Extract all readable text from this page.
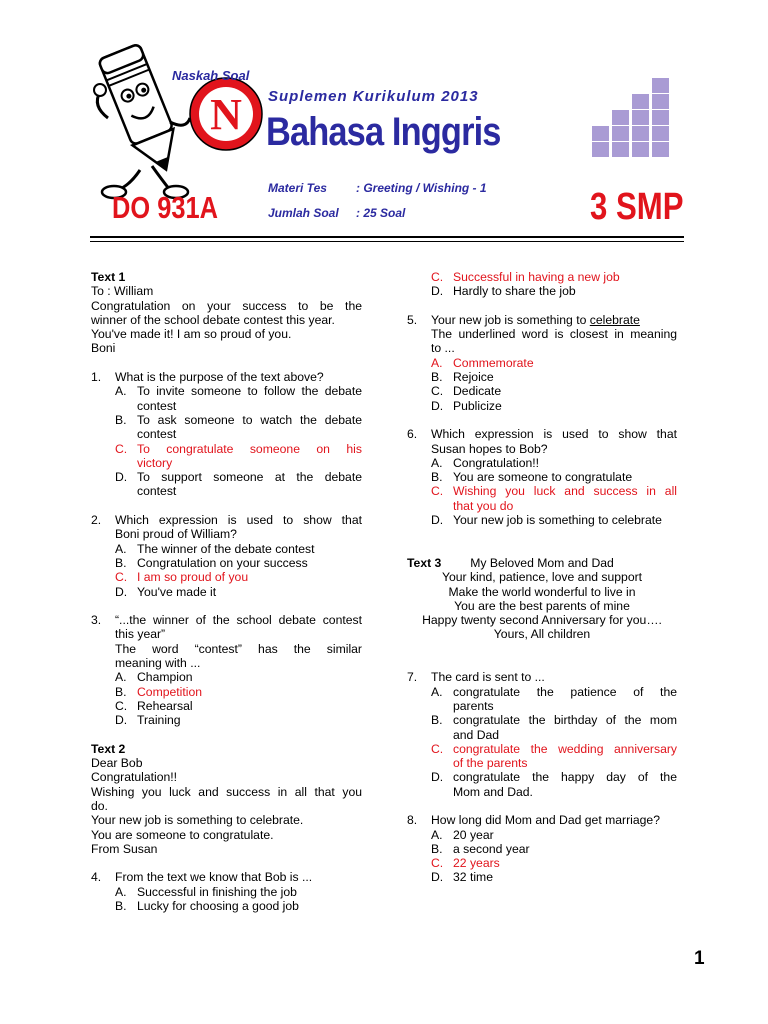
N
Naskah Soal
Suplemen Kurikulum 2013
Bahasa Inggris
DO 931A
Materi Tes : Greeting / Wishing - 1
Jumlah Soal : 25 Soal	3 SMP
Text 1
To : William
Congratulation on your success to be the
winner of the school debate contest this year.
You've made it! I am so proud of you.
Boni
1.	What is the purpose of the text above?
A. To invite someone to follow the debate
contest
B. To ask someone to watch the debate
contest
C. To congratulate someone on his
victory
D. To support someone at the debate
contest
2.	Which expression is used to show that
Boni proud of William?
A. The winner of the debate contest
B. Congratulation on your success
C. I am so proud of you
D. You've made it
3.	“...the winner of the school debate contest
this year”
The word “contest” has the similar
meaning with ...
A. Champion
B. Competition
C. Rehearsal
D. Training
Text 2
Dear Bob
Congratulation!!
Wishing you luck and success in all that you
do.
Your new job is something to celebrate.
You are someone to congratulate.
From Susan
4.	From the text we know that Bob is ...
A. Successful in finishing the job
B. Lucky for choosing a good job
C. Successful in having a new job
D. Hardly to share the job
5.	Your new job is something to celebrate
The underlined word is closest in meaning
to ...
A. Commemorate
B. Rejoice
C. Dedicate
D. Publicize
6.	Which expression is used to show that
Susan hopes to Bob?
A. Congratulation!!
B. You are someone to congratulate
C. Wishing you luck and success in all
that you do
D. Your new job is something to celebrate
Text 3	My Beloved Mom and Dad
Your kind, patience, love and support
Make the world wonderful to live in
You are the best parents of mine
Happy twenty second Anniversary for you….
Yours, All children
7.	The card is sent to ...
A. congratulate the patience of the
parents
B. congratulate the birthday of the mom
and Dad
C. congratulate the wedding anniversary
of the parents
D. congratulate the happy day of the
Mom and Dad.
8.	How long did Mom and Dad get marriage?
A. 20 year
B. a second year
C. 22 years
D. 32 time
1
